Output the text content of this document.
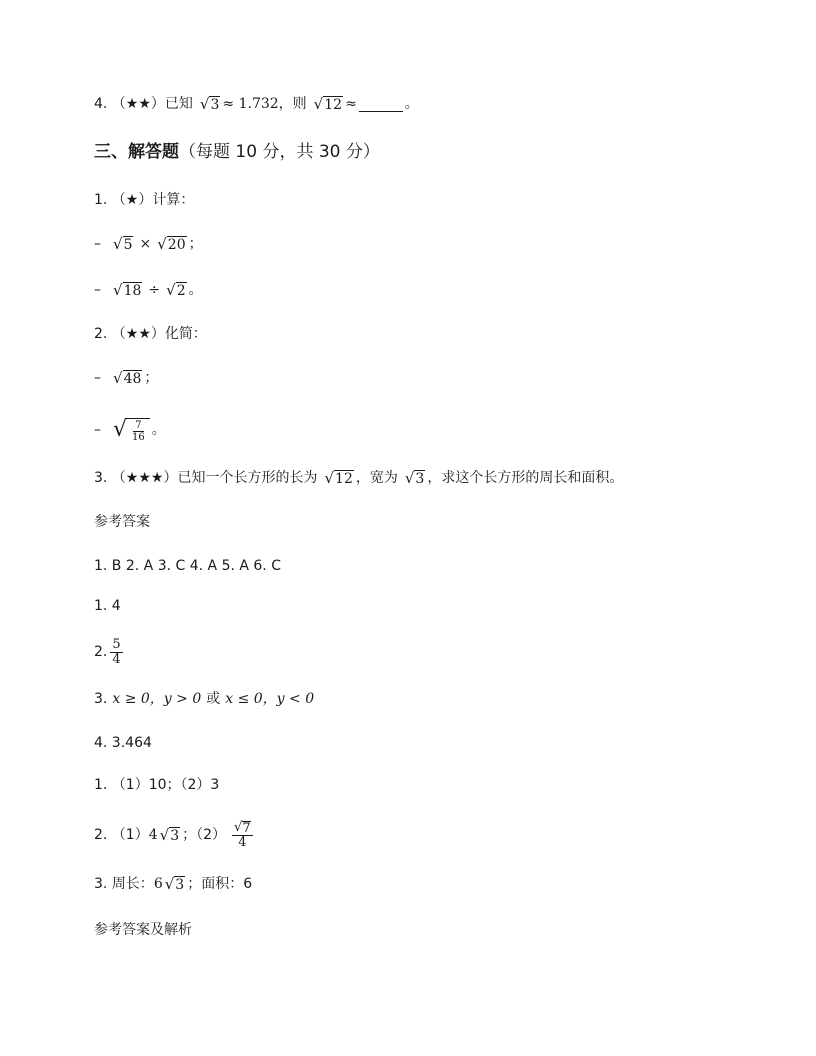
4. （★★）已知 √ 3 ≈ 1.732，则 √ 12 ≈	。
三、解答题 （每题 10 分，共 30 分）
1. （★）计算：
– √ 5 × √ 20 ；
– √ 18 ÷ √ 2 。
2. （★★）化简：
– √ 48 ；
– √ $\frac{7}{16}$ 。
3. （★★★）已知一个长方形的长为 √ 12 ，宽为 √ 3 ，求这个长方形的周长和面积。
参考答案
1. B 2. A 3. C 4. A 5. A 6. C
1. 4
2. $\frac{5}{4}$
3. x ≥ 0，y > 0 或 x ≤ 0，y < 0
4. 3.464
1. （1）10；（2）3
2. （1） 4 √ 3 ；$(2) \frac{√ 7}{4}$
3. 周长： 6 √ 3 ；面积：6
参考答案及解析
